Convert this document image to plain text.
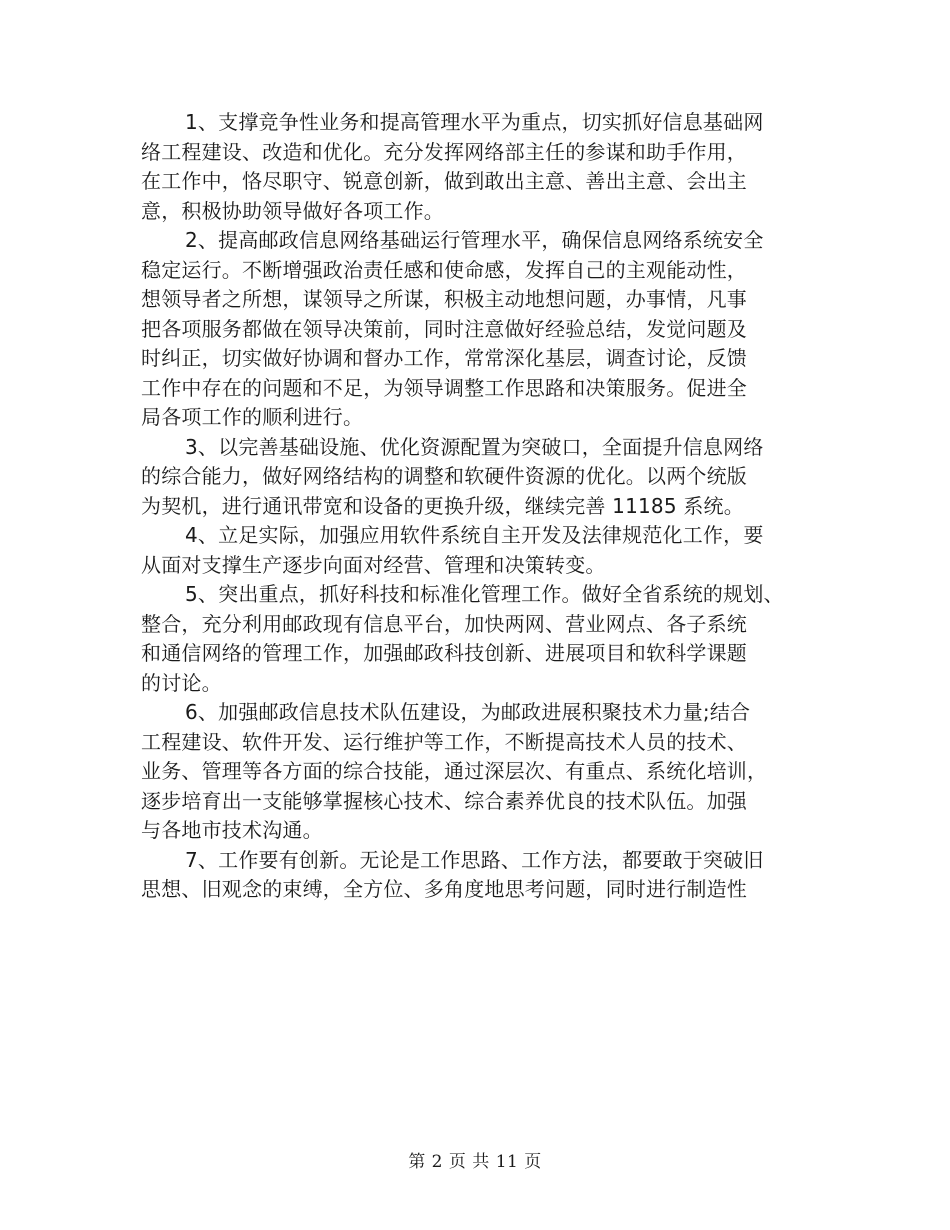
1、支撑竞争性业务和提高管理水平为重点，切实抓好信息基础网
络工程建设、改造和优化。充分发挥网络部主任的参谋和助手作用，
在工作中，恪尽职守、锐意创新，做到敢出主意、善出主意、会出主
意，积极协助领导做好各项工作。

2、提高邮政信息网络基础运行管理水平，确保信息网络系统安全
稳定运行。不断增强政治责任感和使命感，发挥自己的主观能动性，
想领导者之所想，谋领导之所谋，积极主动地想问题，办事情，凡事
把各项服务都做在领导决策前，同时注意做好经验总结，发觉问题及
时纠正，切实做好协调和督办工作，常常深化基层，调查讨论，反馈
工作中存在的问题和不足，为领导调整工作思路和决策服务。促进全
局各项工作的顺利进行。

3、以完善基础设施、优化资源配置为突破口，全面提升信息网络
的综合能力，做好网络结构的调整和软硬件资源的优化。以两个统版
为契机，进行通讯带宽和设备的更换升级，继续完善 11185 系统。

4、立足实际，加强应用软件系统自主开发及法律规范化工作，要
从面对支撑生产逐步向面对经营、管理和决策转变。

5、突出重点，抓好科技和标准化管理工作。做好全省系统的规划、
整合，充分利用邮政现有信息平台，加快两网、营业网点、各子系统
和通信网络的管理工作，加强邮政科技创新、进展项目和软科学课题
的讨论。

6、加强邮政信息技术队伍建设，为邮政进展积聚技术力量;结合
工程建设、软件开发、运行维护等工作，不断提高技术人员的技术、
业务、管理等各方面的综合技能，通过深层次、有重点、系统化培训，
逐步培育出一支能够掌握核心技术、综合素养优良的技术队伍。加强
与各地市技术沟通。

7、工作要有创新。无论是工作思路、工作方法，都要敢于突破旧
思想、旧观念的束缚，全方位、多角度地思考问题，同时进行制造性

第 2 页 共 11 页
